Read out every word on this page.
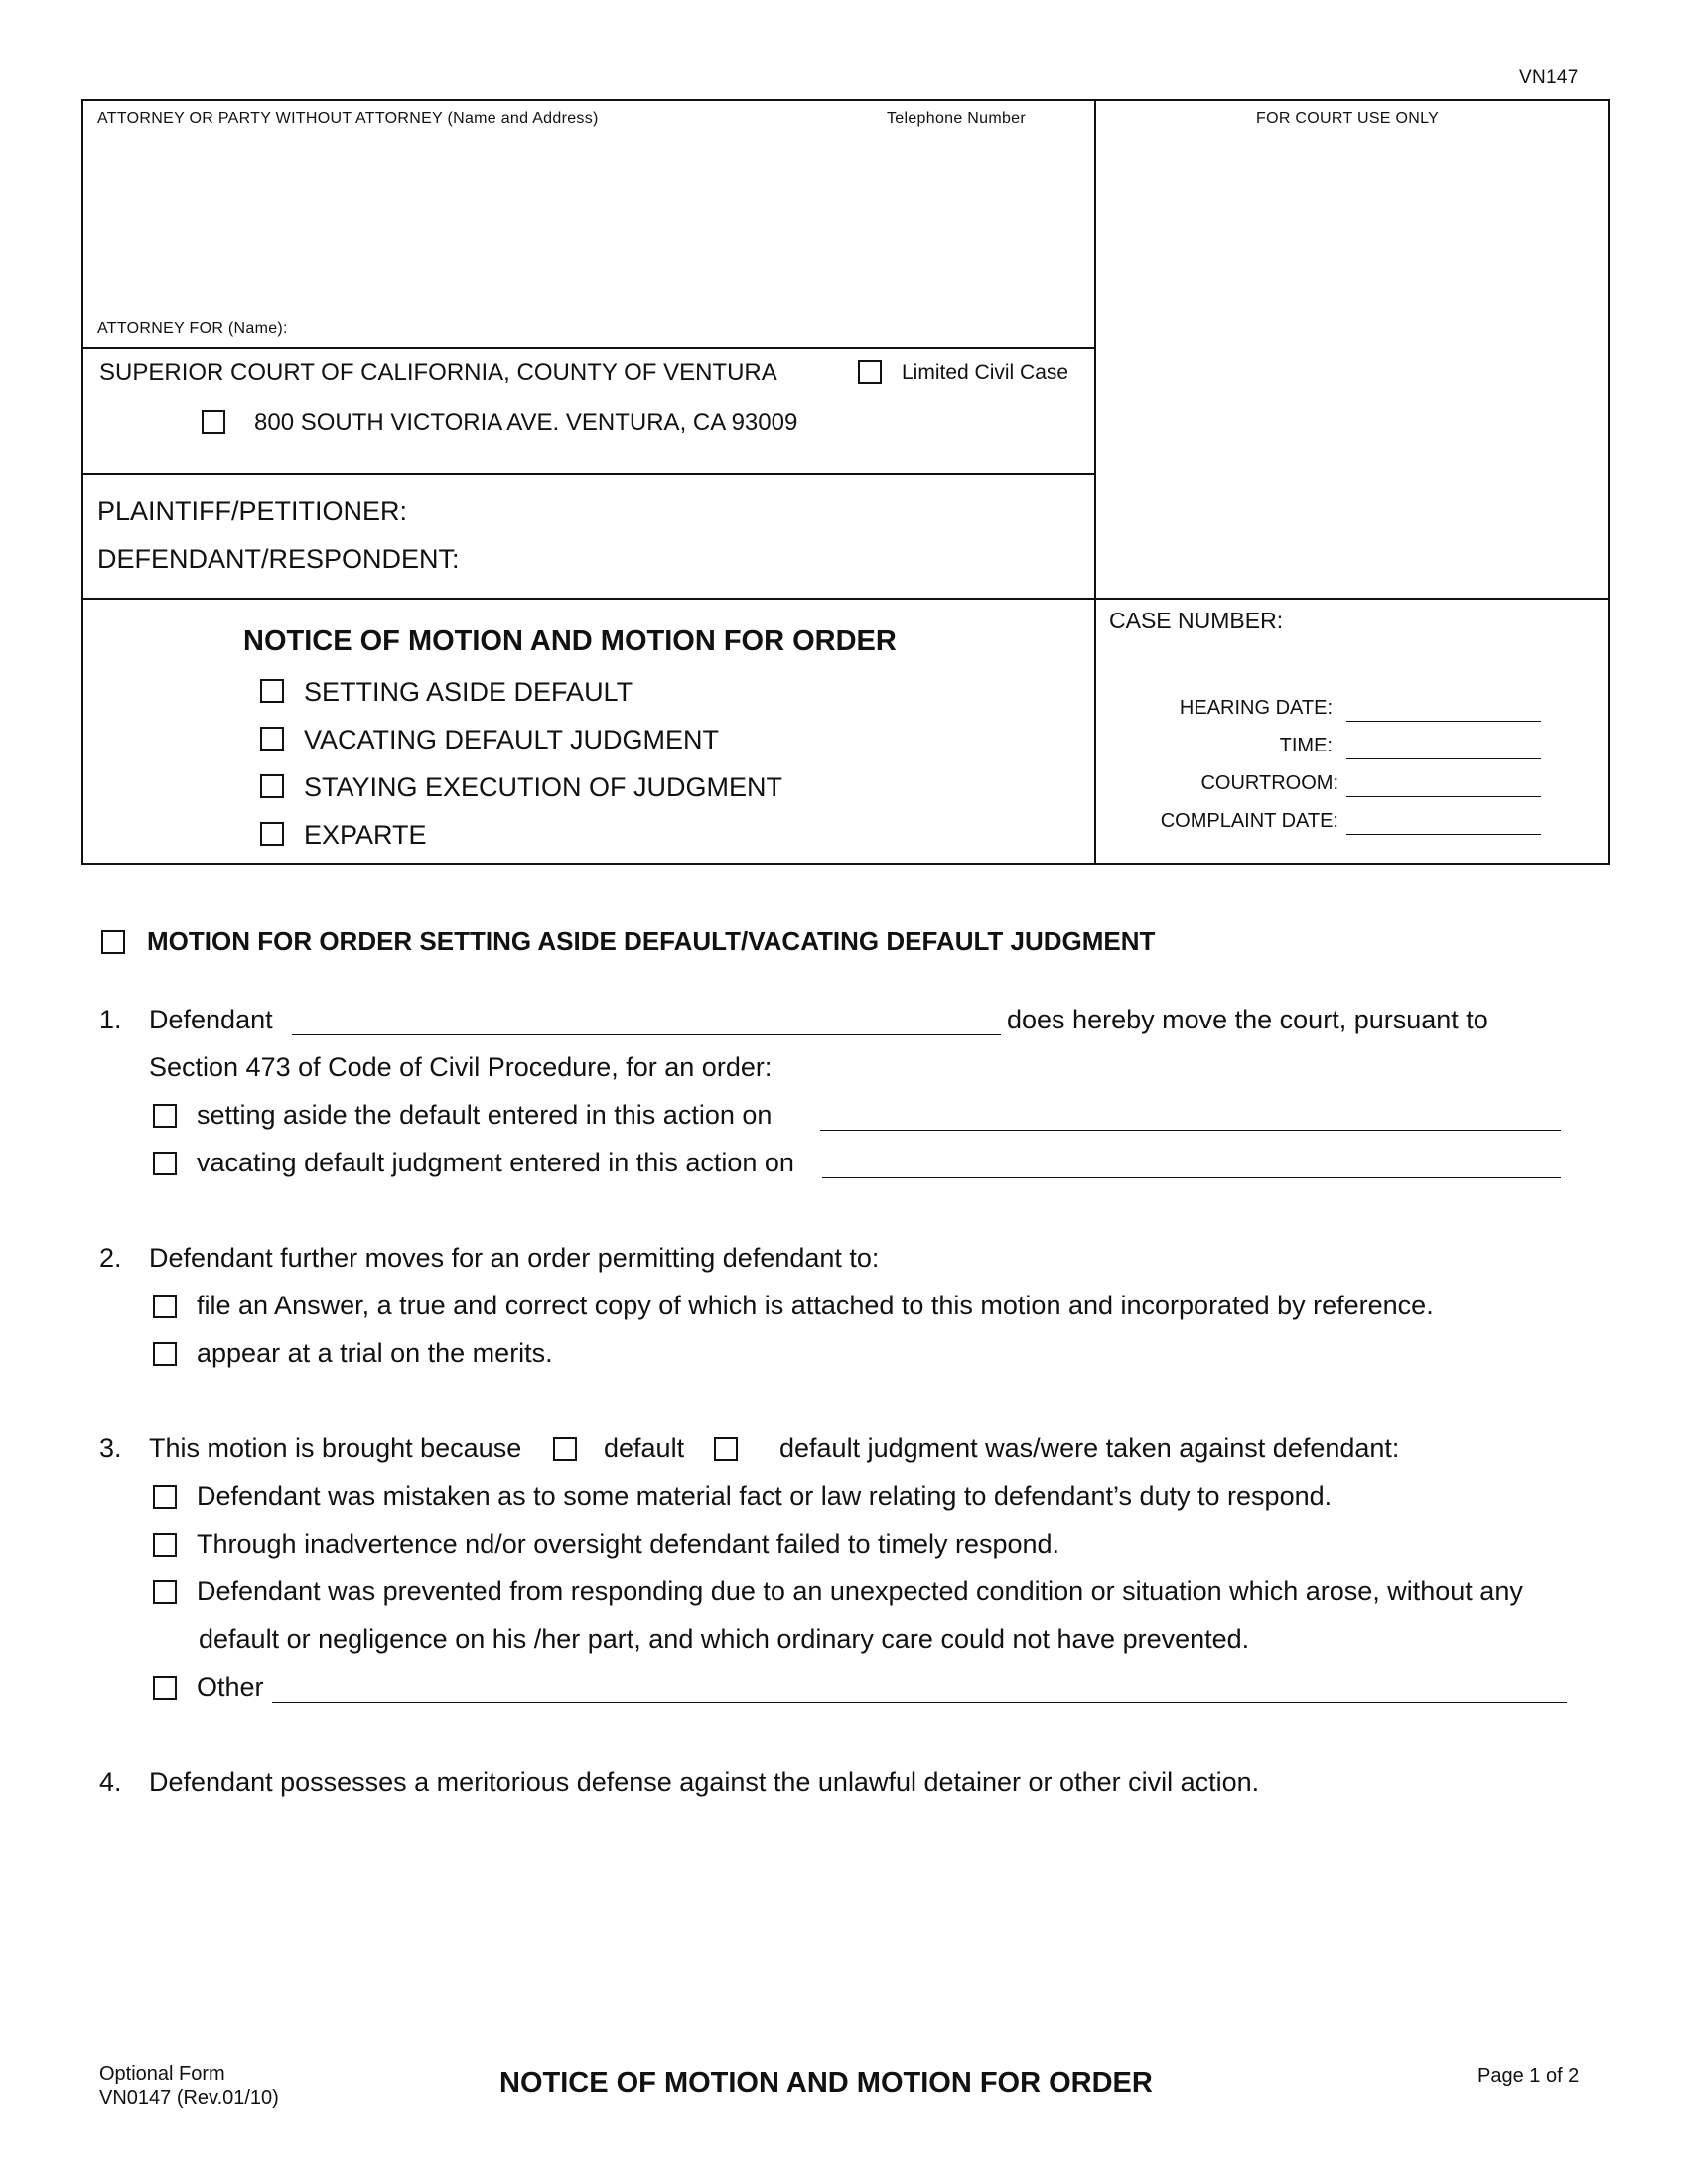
VN147
ATTORNEY OR PARTY WITHOUT ATTORNEY (Name and Address)	Telephone Number	FOR COURT USE ONLY
ATTORNEY FOR (Name):
SUPERIOR COURT OF CALIFORNIA, COUNTY OF VENTURA	Limited Civil Case
800 SOUTH VICTORIA AVE. VENTURA, CA 93009
PLAINTIFF/PETITIONER:
DEFENDANT/RESPONDENT:
NOTICE OF MOTION AND MOTION FOR ORDER
SETTING ASIDE DEFAULT
VACATING DEFAULT JUDGMENT
STAYING EXECUTION OF JUDGMENT
EXPARTE
CASE NUMBER:
HEARING DATE:
TIME:
COURTROOM:
COMPLAINT DATE:
MOTION FOR ORDER SETTING ASIDE DEFAULT/VACATING DEFAULT JUDGMENT
1. Defendant	does hereby move the court, pursuant to
Section 473 of Code of Civil Procedure, for an order:
setting aside the default entered in this action on
vacating default judgment entered in this action on
2. Defendant further moves for an order permitting defendant to:
file an Answer, a true and correct copy of which is attached to this motion and incorporated by reference.
appear at a trial on the merits.
3. This motion is brought because	default	default judgment was/were taken against defendant:
Defendant was mistaken as to some material fact or law relating to defendant’s duty to respond.
Through inadvertence nd/or oversight defendant failed to timely respond.
Defendant was prevented from responding due to an unexpected condition or situation which arose, without any
default or negligence on his /her part, and which ordinary care could not have prevented.
Other
4. Defendant possesses a meritorious defense against the unlawful detainer or other civil action.
Optional Form
VN0147 (Rev.01/10)	NOTICE OF MOTION AND MOTION FOR ORDER	Page 1 of 2
